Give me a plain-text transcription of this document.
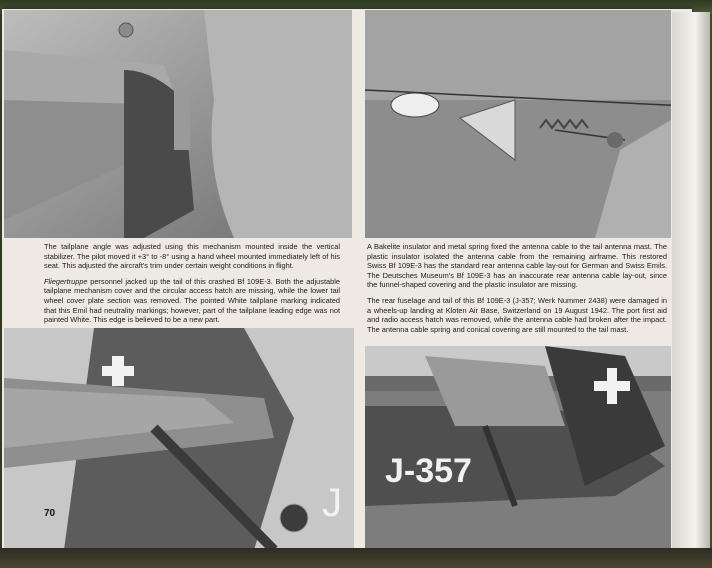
The tailplane angle was adjusted using this mechanism mounted inside the vertical stabilizer. The pilot moved it +3° to -8° using a hand wheel mounted immediately left of his seat. This adjusted the aircraft's trim under certain weight conditions in flight.

Fliegertruppe personnel jacked up the tail of this crashed Bf 109E-3. Both the adjustable tailplane mechanism cover and the circular access hatch are missing, while the lower tail wheel cover plate section was removed. The pointed White tailplane marking indicated that this Emil had neutrality markings; however, part of the tailplane leading edge was not painted White. This edge is believed to be a new part.

A Bakelite insulator and metal spring fixed the antenna cable to the tail antenna mast. The plastic insulator isolated the antenna cable from the remaining airframe. This restored Swiss Bf 109E-3 has the standard rear antenna cable lay-out for German and Swiss Emils. The Deutsches Museum's Bf 109E-3 has an inaccurate rear antenna cable lay-out, since the funnel-shaped covering and the plastic insulator are missing.

The rear fuselage and tail of this Bf 109E-3 (J-357; Werk Nummer 2438) were damaged in a wheels-up landing at Kloten Air Base, Switzerland on 19 August 1942. The port first aid and radio access hatch was removed, while the antenna cable had broken after the impact. The antenna cable spring and conical covering are still mounted to the tail mast.

J
J-357
70
